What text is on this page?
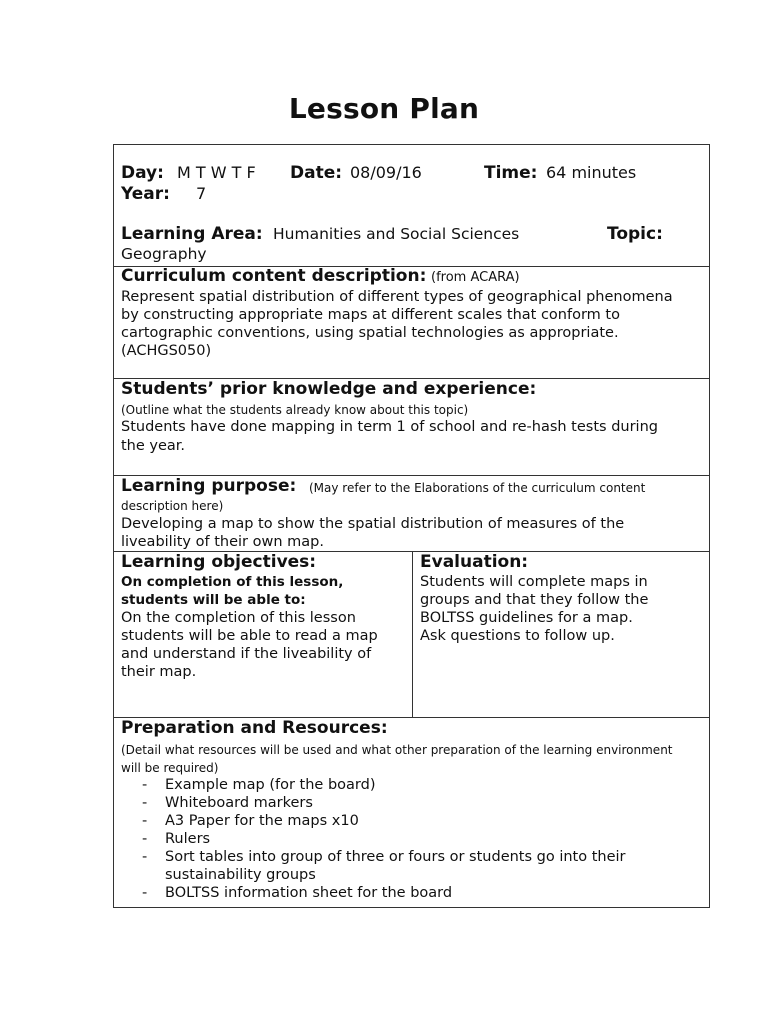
Lesson Plan
Day: M T W T F Date: 08/09/16	Time: 64 minutes
Year: 7
Learning Area: Humanities and Social Sciences	Topic:
Geography
Curriculum content description: (from ACARA)
Represent spatial distribution of different types of geographical phenomena
by constructing appropriate maps at different scales that conform to
cartographic conventions, using spatial technologies as appropriate.
(ACHGS050)
Students’ prior knowledge and experience:
(Outline what the students already know about this topic)
Students have done mapping in term 1 of school and re-hash tests during
the year.
Learning purpose: (May refer to the Elaborations of the curriculum content
description here)
Developing a map to show the spatial distribution of measures of the
liveability of their own map.
Learning objectives:
On completion of this lesson,
students will be able to:
On the completion of this lesson
students will be able to read a map
and understand if the liveability of
their map.
Evaluation:
Students will complete maps in
groups and that they follow the
BOLTSS guidelines for a map.
Ask questions to follow up.
Preparation and Resources:
(Detail what resources will be used and what other preparation of the learning environment
will be required)
- Example map (for the board)
- Whiteboard markers
- A3 Paper for the maps x10
- Rulers
- Sort tables into group of three or fours or students go into their
sustainability groups
- BOLTSS information sheet for the board
